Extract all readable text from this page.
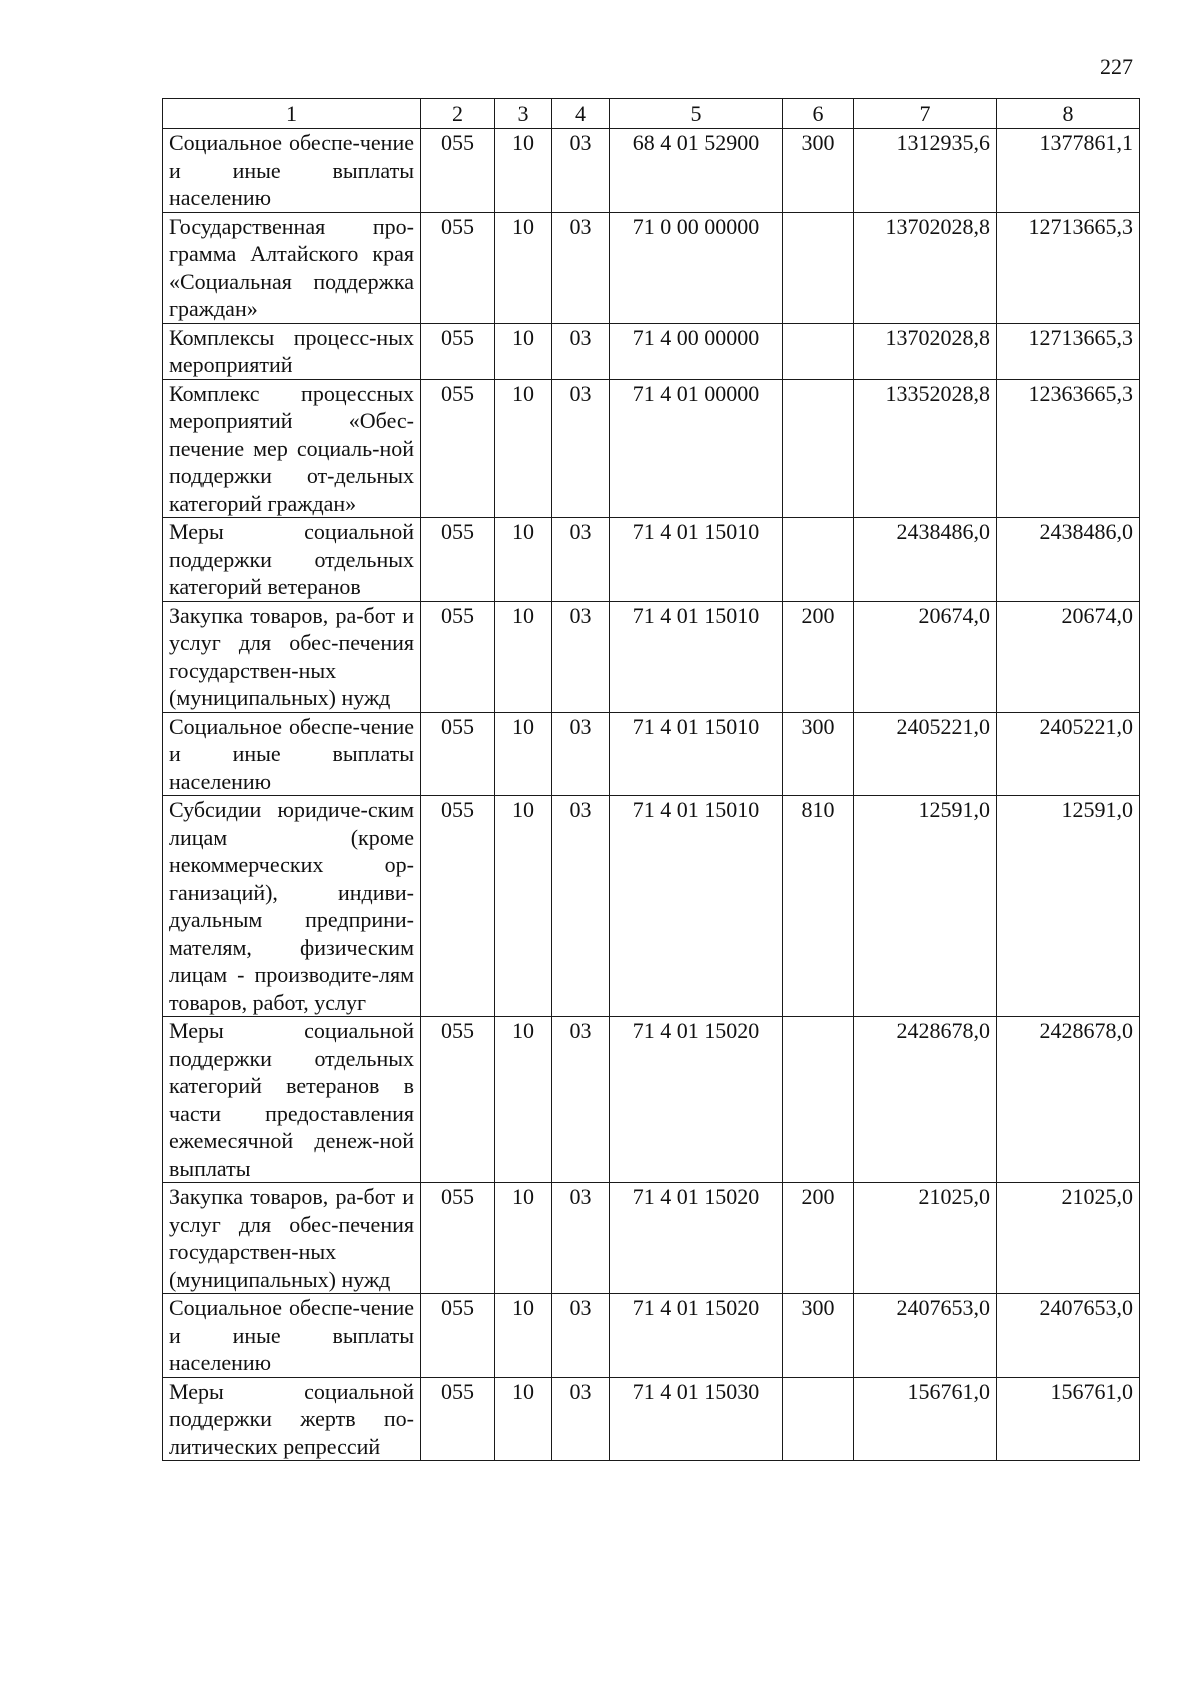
227
1	2	3	4	5	6	7	8
Социальное обеспе-чение и иные выплаты населению	055	10	03	68 4 01 52900	300	1312935,6	1377861,1
Государственная про-грамма Алтайского края «Социальная поддержка граждан»	055	10	03	71 0 00 00000		13702028,8	12713665,3
Комплексы процесс-ных мероприятий	055	10	03	71 4 00 00000		13702028,8	12713665,3
Комплекс процессных мероприятий «Обес-печение мер социаль-ной поддержки от-дельных категорий граждан»	055	10	03	71 4 01 00000		13352028,8	12363665,3
Меры социальной поддержки отдельных категорий ветеранов	055	10	03	71 4 01 15010		2438486,0	2438486,0
Закупка товаров, ра-бот и услуг для обес-печения государствен-ных (муниципальных) нужд	055	10	03	71 4 01 15010	200	20674,0	20674,0
Социальное обеспе-чение и иные выплаты населению	055	10	03	71 4 01 15010	300	2405221,0	2405221,0
Субсидии юридиче-ским лицам (кроме некоммерческих ор-ганизаций), индиви-дуальным предприни-мателям, физическим лицам - производите-лям товаров, работ, услуг	055	10	03	71 4 01 15010	810	12591,0	12591,0
Меры социальной поддержки отдельных категорий ветеранов в части предоставления ежемесячной денеж-ной выплаты	055	10	03	71 4 01 15020		2428678,0	2428678,0
Закупка товаров, ра-бот и услуг для обес-печения государствен-ных (муниципальных) нужд	055	10	03	71 4 01 15020	200	21025,0	21025,0
Социальное обеспе-чение и иные выплаты населению	055	10	03	71 4 01 15020	300	2407653,0	2407653,0
Меры социальной поддержки жертв по-литических репрессий	055	10	03	71 4 01 15030		156761,0	156761,0
